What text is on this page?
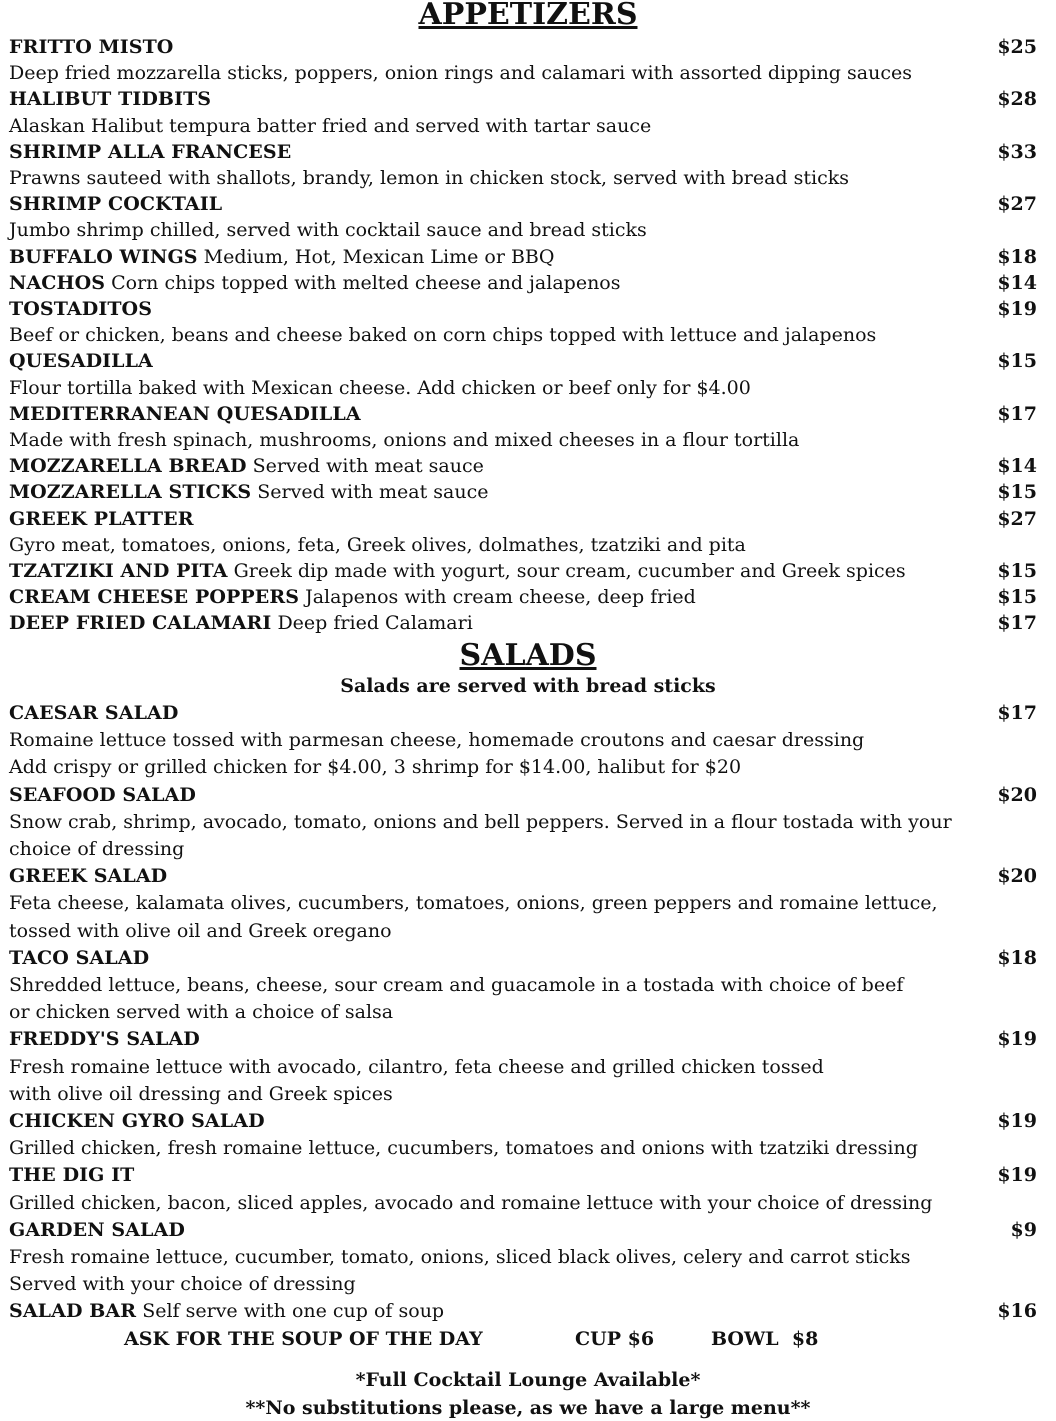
APPETIZERS
FRITTO MISTO	$25
Deep fried mozzarella sticks, poppers, onion rings and calamari with assorted dipping sauces
HALIBUT TIDBITS	$28
Alaskan Halibut tempura batter fried and served with tartar sauce
SHRIMP ALLA FRANCESE	$33
Prawns sauteed with shallots, brandy, lemon in chicken stock, served with bread sticks
SHRIMP COCKTAIL	$27
Jumbo shrimp chilled, served with cocktail sauce and bread sticks
BUFFALO WINGS Medium, Hot, Mexican Lime or BBQ	$18
NACHOS Corn chips topped with melted cheese and jalapenos	$14
TOSTADITOS	$19
Beef or chicken, beans and cheese baked on corn chips topped with lettuce and jalapenos
QUESADILLA	$15
Flour tortilla baked with Mexican cheese. Add chicken or beef only for $4.00
MEDITERRANEAN QUESADILLA	$17
Made with fresh spinach, mushrooms, onions and mixed cheeses in a flour tortilla
MOZZARELLA BREAD Served with meat sauce	$14
MOZZARELLA STICKS Served with meat sauce	$15
GREEK PLATTER	$27
Gyro meat, tomatoes, onions, feta, Greek olives, dolmathes, tzatziki and pita
TZATZIKI AND PITA Greek dip made with yogurt, sour cream, cucumber and Greek spices	$15
CREAM CHEESE POPPERS Jalapenos with cream cheese, deep fried	$15
DEEP FRIED CALAMARI Deep fried Calamari	$17
SALADS
Salads are served with bread sticks
CAESAR SALAD	$17
Romaine lettuce tossed with parmesan cheese, homemade croutons and caesar dressing
Add crispy or grilled chicken for $4.00, 3 shrimp for $14.00, halibut for $20
SEAFOOD SALAD	$20
Snow crab, shrimp, avocado, tomato, onions and bell peppers. Served in a flour tostada with your
choice of dressing
GREEK SALAD	$20
Feta cheese, kalamata olives, cucumbers, tomatoes, onions, green peppers and romaine lettuce,
tossed with olive oil and Greek oregano
TACO SALAD	$18
Shredded lettuce, beans, cheese, sour cream and guacamole in a tostada with choice of beef
or chicken served with a choice of salsa
FREDDY'S SALAD	$19
Fresh romaine lettuce with avocado, cilantro, feta cheese and grilled chicken tossed
with olive oil dressing and Greek spices
CHICKEN GYRO SALAD	$19
Grilled chicken, fresh romaine lettuce, cucumbers, tomatoes and onions with tzatziki dressing
THE DIG IT	$19
Grilled chicken, bacon, sliced apples, avocado and romaine lettuce with your choice of dressing
GARDEN SALAD	$9
Fresh romaine lettuce, cucumber, tomato, onions, sliced black olives, celery and carrot sticks
Served with your choice of dressing
SALAD BAR Self serve with one cup of soup	$16
ASK FOR THE SOUP OF THE DAY	CUP $6	BOWL  $8
*Full Cocktail Lounge Available*
**No substitutions please, as we have a large menu**
